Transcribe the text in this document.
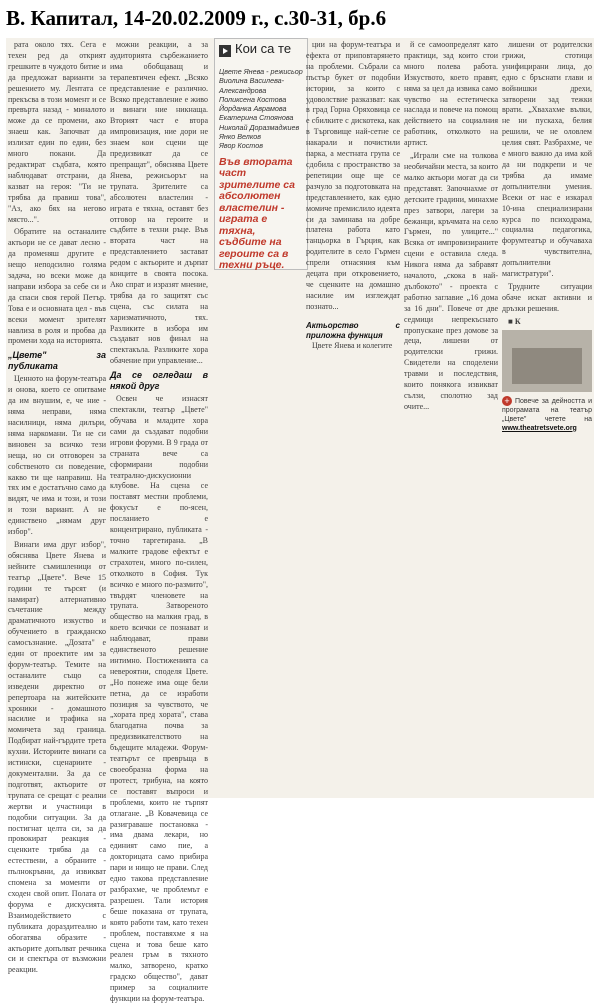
В. Капитал, 14-20.02.2009 г., с.30-31, бр.6

рата около тях. Сега е техен ред да открият грешките в чуждото битие и да предложат варианти за решението му. Лентата се прекъсва в този момент и се превърта назад - миналото може да се промени, ако знаеш как. Започват да излизат един по един, без много покани. Да редактират съдбата, която наблюдават отстрани, да казват на героя: "Ти не трябва да правиш това", "Аз, ако бях на негово място...".

Обратите на останалите актьори не се дават лесно - да променяш другите е нещо неподсилно голяма задача, но всеки може да направи избора за себе си и да спаси своя герой Петър. Това е и основната цел - във всеки момент зрителят навлиза в роля и пробва да промени хода на историята.

„Цвете" за публиката

Ценното на форум-театъра и онова, което се опитваме да им внушим, е, че ние - няма неправи, няма насилници, няма дилъри, няма наркомани. Ти не си виновен за всичко тези неща, но си отговорен за собственото си поведение, какво ти ще направиш. На тях им е достатъчно само да видят, че има и този, и този и този вариант. А не единствено „нямам друг избор".

Винаги има друг избор", обяснява Цветe Янева и нейните съмишленици от театър „Цвете". Вече 15 години те търсят (и намират) алтернативно съчетание между драматичното изкуство и обучението в гражданско самосъзнание. „Дозата" е един от проектите им за форум-театър. Темите на останалите също са изведени директно от репертоара на житейските хроники - домашното насилие и трафика на момичета зад граница. Подбират най-гърдите трета кухни. Историите винаги са истински, сценариите - документални. За да се подготвят, актьорите от трупата се срещат с реални жертви и участници в подобни ситуации. За да постигнат целта си, за да провокират реакция - сценките трябва да са естествени, а обраните - пълнокръвни, да извикват спомена за моменти от сходен свой опит. Полата от форума е дискусията. Взаимодействието с публиката дораздитеално и обогатява образите - актьорите допълват речника си и спектъра от възможни реакции.

можни реакции, а за аудиторията сърбежанието има обобщаващ и терапевтичен ефект. „Всяко представление е различно. Всяко представление е живо и винаги ние никнаща. Вторият част е втора импровизация, ние дори не знаем кои сцени ще предизвикат да се препращат", обяснява Цветe Янева, режисьорът на трупата. Зрителите са абсолютен властелин - играта е тяхна, оставят без отговор на героите и съдбите в техни ръце. Във втората част на представлението застават редом с актьорите и дърпат конците в своята посока. Ако спрат и изразят мнение, трябва да го защитят със сцена, със силата на харизматичното, тях. Разликите в избора им създават нов финал на спектакъла. Разликите хора обачение при управление...

Да се огледаш в някой друг

Освен че изнасят спектакли, театър „Цвете" обучава и младите хора сами да създават подобни игрови форуми. В 9 града от страната вече са сформирани подобни театрално-дискусионни клубове. На сцена се поставят местни проблеми, фокусът е по-ясен, посланието е концентрирано, публиката - точно таргетирана. „В малките градове ефектът е страхотен, много по-силен, отколкото в София. Тук всичко е много по-размито", твърдят членовете на трупата. Затвореното общество на малкия град, в което всички се познават и наблюдават, прави единственото решение интимно. Постиженията са невероятни, споделя Цвете. „Но понеже има още бели петна, да се изработи позиция за чувството, че „хората пред хората", става благодатна почва за предизвикателството на бъдещите младежи. Форум-театърът се превръща в своеобразна форма на протест, трибуна, на която се поставят въпроси и проблеми, които не търпят отлагане. „В Ковачевица се разиграваше постановка - има двама лекари, но единият само пие, а докторицата само прибира пари и нищо не прави. След едно такова представление разбрахме, че проблемът е разрешен. Тали история беше показана от трупата, която работи там, като техен проблем, поставяхме я на сцена и това беше като реален гръм в тяхното малко, затворено, кратко градско общество", дават пример за социалните функции на форум-театъра.

Кои са те
Цветe Янева - режисьор
Виолина Василева-
Александрова
Поликсена Костова
Йорданка Аврамова
Екатерина Стоянова
Николай Доразмаджиев
Янко Велков
Явор Костов
Във втората част зрителите са абсолютен властелин - играта е тяхна, съдбите на героите са в техни ръце.

ции на форум-театъра и ефекта от приповтарянето на проблеми. Събрали са пъстър букет от подобни истории, за които с удоволствие разказват: как в град Горна Оряховица се е сбилките с дискотека, как в Търговище най-сетне се накарали и почистили парка, а местната група се сдобила с пространство за репетиции още ще се разчуло за подготовката на представлението, как едно момиче премислило идеята си да заминава на добре платена работа като танцьорка в Гърция, как родителите в село Гърмен спрели отнасяния към децата при откровението, че сценките на домашно насилие им изглеждат познато...

Актьорство с приложна функция

Цвете Янева и колегите

й се самоопределят като практици, зад които стои много полева работа. Изкуството, което правят, няма за цел да извика само чувство на естетическа наслада и повече на помощ действието на социалния работник, отколкото на артист.

„Играли сме на толкова необичайни места, за които малко актьори могат да си представят. Започнахме от детските градини, минахме през затвори, лагери за бежанци, кръчмата на село Гърмен, по улиците..." Всяка от импровизираните сцени е оставила следа. Никога няма да забравят началото, „скока в най-дълбокото" - проекта с работно заглавие „16 дома за 16 дни". Повече от две седмици непрекъснато пропускане през домове за деца, лишени от родителски грижи. Свидетели на споделени травми и последствия, които понякога извикват сълзи, сполотно зад очите...

лишени от родителски грижи, стотици унифицирани лица, до едно с бръснати глави и войнишки дрехи, затворени зад тежки врати. „Хвахахме вълки, не ни пускаха, белия решили, че не оловлем целия свят. Разбрахме, че е много важно да има кой да ни подкрепи и че трябва да имаме допълнителни умения. Всеки от нас е изкарал 10-ина специализирани курса по психодрама, социална педагогика, форумтеатър и обучаваха в чувствителна, допълнителни магистратури".

Трудните ситуации обаче искат активни и дръзки решения.

■ К

+ Повече за дейността и програмата на театър „Цвете" четете на www.theatretsvete.org
